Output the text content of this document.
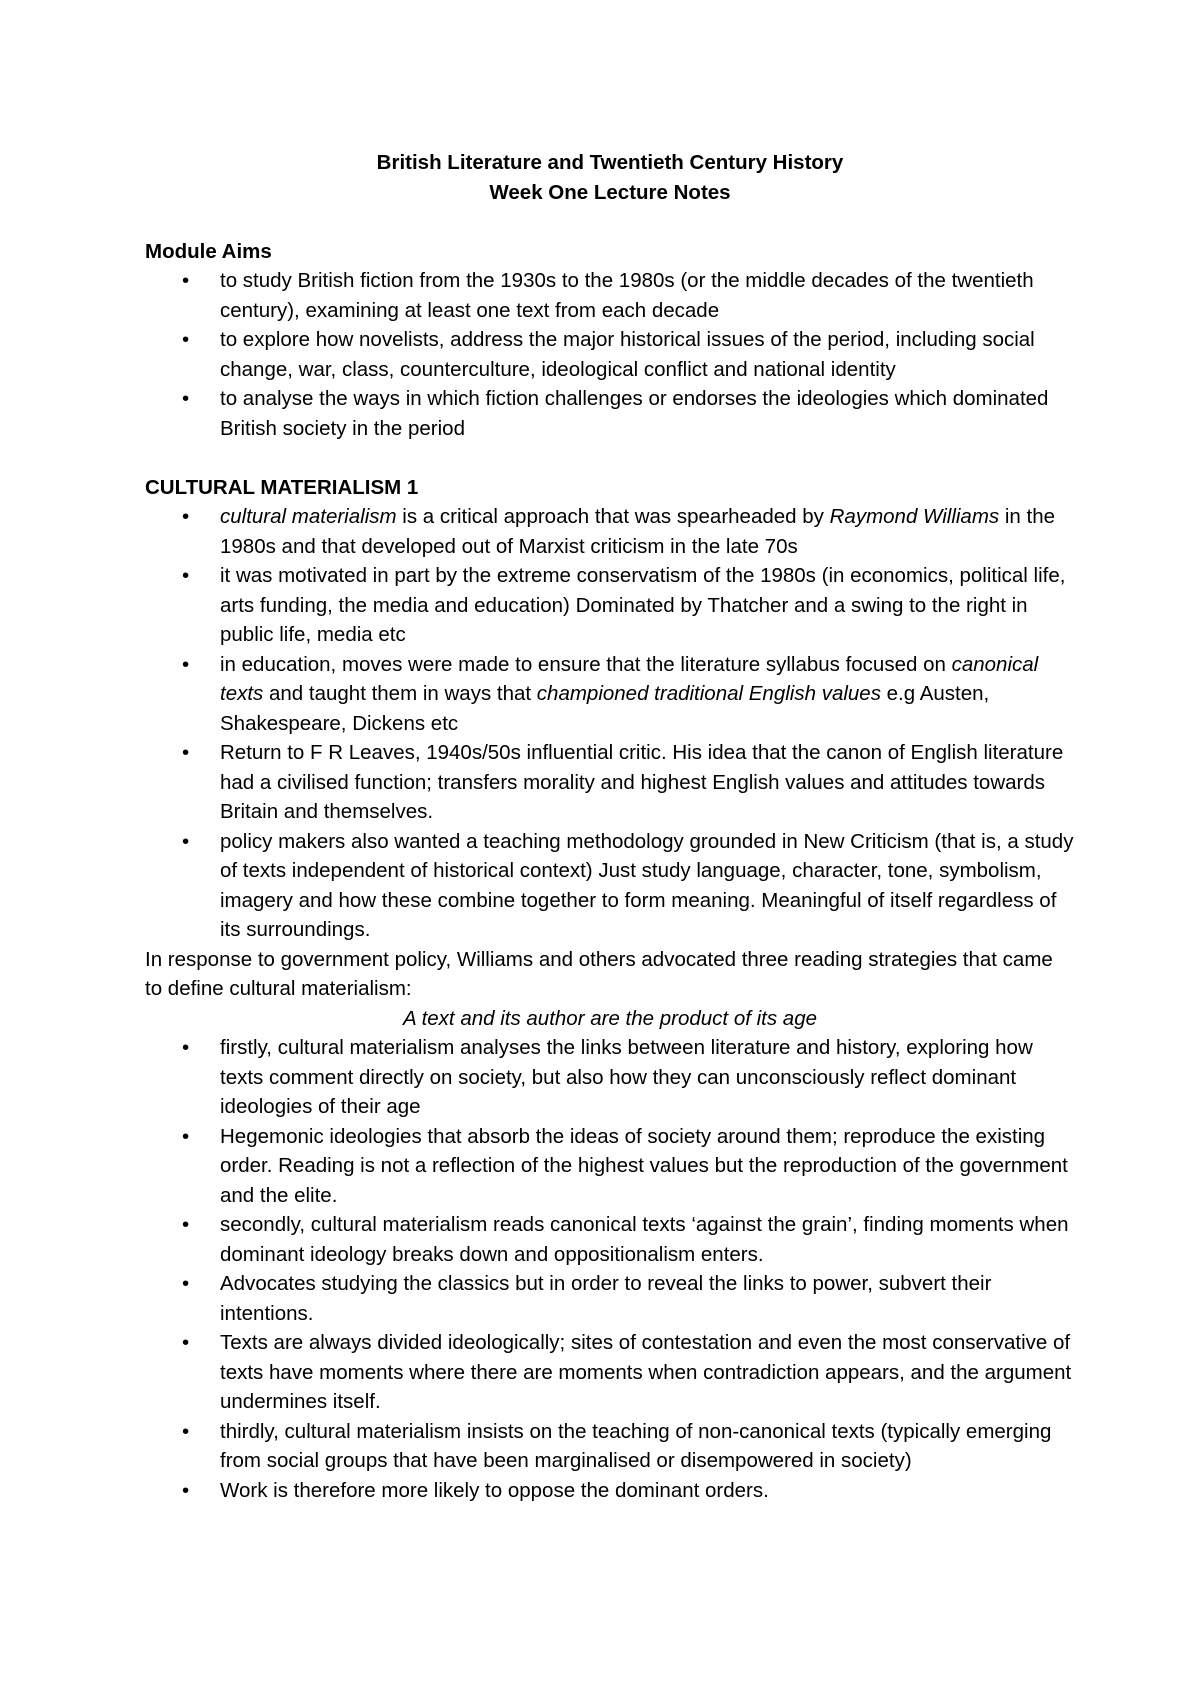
British Literature and Twentieth Century History

Week One Lecture Notes

Module Aims

•	to study British fiction from the 1930s to the 1980s (or the middle decades of the twentieth century), examining at least one text from each decade
•	to explore how novelists, address the major historical issues of the period, including social change, war, class, counterculture, ideological conflict and national identity
•	to analyse the ways in which fiction challenges or endorses the ideologies which dominated British society in the period

CULTURAL MATERIALISM 1

•	cultural materialism is a critical approach that was spearheaded by Raymond Williams in the 1980s and that developed out of Marxist criticism in the late 70s
•	it was motivated in part by the extreme conservatism of the 1980s (in economics, political life, arts funding, the media and education) Dominated by Thatcher and a swing to the right in public life, media etc
•	in education, moves were made to ensure that the literature syllabus focused on canonical texts and taught them in ways that championed traditional English values e.g Austen, Shakespeare, Dickens etc
•	Return to F R Leaves, 1940s/50s influential critic. His idea that the canon of English literature had a civilised function; transfers morality and highest English values and attitudes towards Britain and themselves.
•	policy makers also wanted a teaching methodology grounded in New Criticism (that is, a study of texts independent of historical context) Just study language, character, tone, symbolism, imagery and how these combine together to form meaning. Meaningful of itself regardless of its surroundings.

In response to government policy, Williams and others advocated three reading strategies that came to define cultural materialism:

A text and its author are the product of its age

•	firstly, cultural materialism analyses the links between literature and history, exploring how texts comment directly on society, but also how they can unconsciously reflect dominant ideologies of their age
•	Hegemonic ideologies that absorb the ideas of society around them; reproduce the existing order. Reading is not a reflection of the highest values but the reproduction of the government and the elite.
•	secondly, cultural materialism reads canonical texts ‘against the grain’, finding moments when dominant ideology breaks down and oppositionalism enters.
•	Advocates studying the classics but in order to reveal the links to power, subvert their intentions.
•	Texts are always divided ideologically; sites of contestation and even the most conservative of texts have moments where there are moments when contradiction appears, and the argument undermines itself.
•	thirdly, cultural materialism insists on the teaching of non-canonical texts (typically emerging from social groups that have been marginalised or disempowered in society)
•	Work is therefore more likely to oppose the dominant orders.
